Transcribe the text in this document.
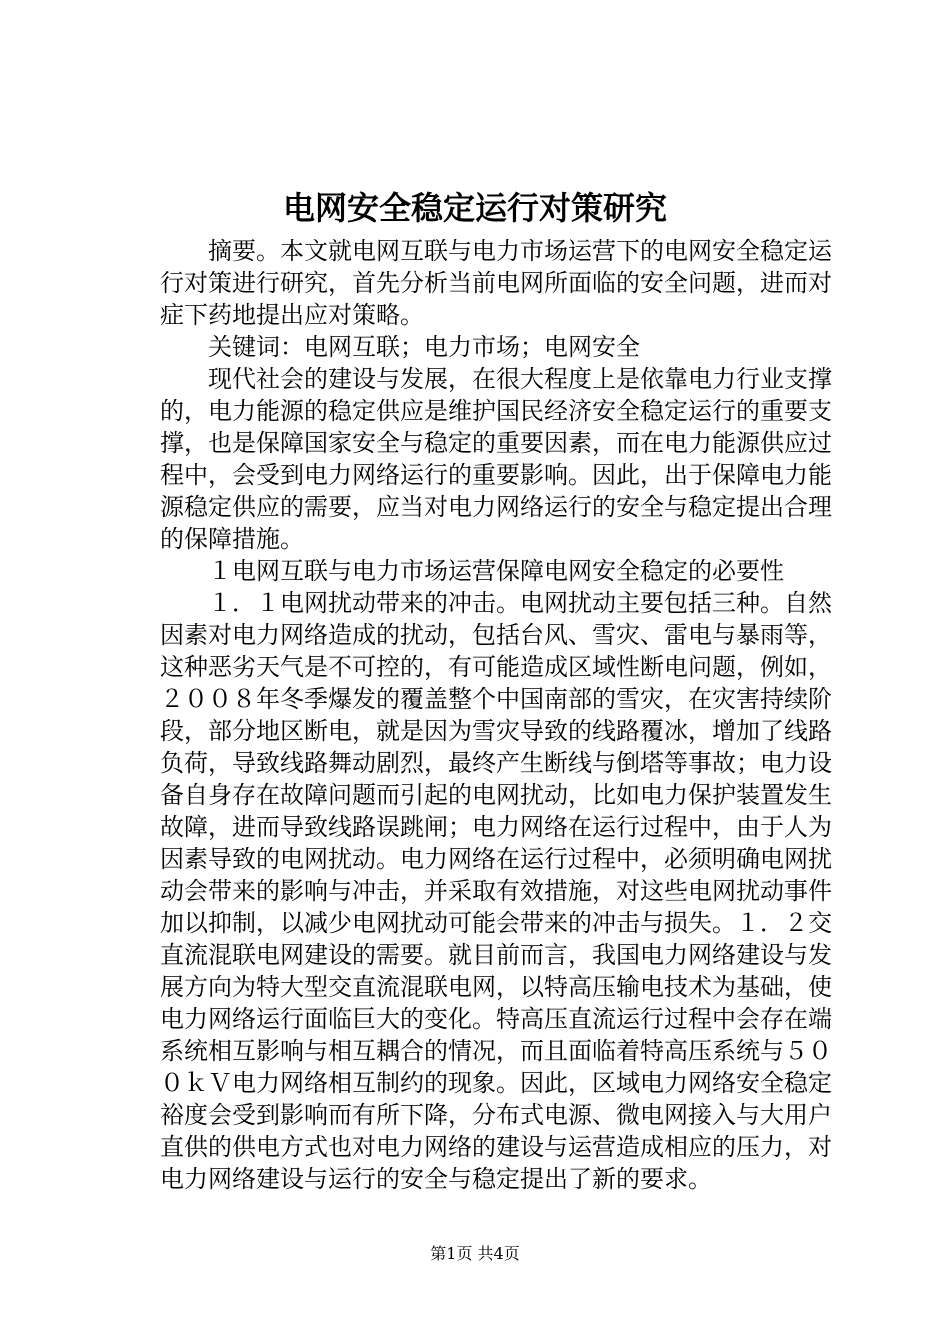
电网安全稳定运行对策研究

摘要。本文就电网互联与电力市场运营下的电网安全稳定运行对策进行研究，首先分析当前电网所面临的安全问题，进而对症下药地提出应对策略。

关键词：电网互联；电力市场；电网安全

现代社会的建设与发展，在很大程度上是依靠电力行业支撑的，电力能源的稳定供应是维护国民经济安全稳定运行的重要支撑，也是保障国家安全与稳定的重要因素，而在电力能源供应过程中，会受到电力网络运行的重要影响。因此，出于保障电力能源稳定供应的需要，应当对电力网络运行的安全与稳定提出合理的保障措施。

１电网互联与电力市场运营保障电网安全稳定的必要性

１．１电网扰动带来的冲击。电网扰动主要包括三种。自然因素对电力网络造成的扰动，包括台风、雪灾、雷电与暴雨等，这种恶劣天气是不可控的，有可能造成区域性断电问题，例如，２００８年冬季爆发的覆盖整个中国南部的雪灾，在灾害持续阶段，部分地区断电，就是因为雪灾导致的线路覆冰，增加了线路负荷，导致线路舞动剧烈，最终产生断线与倒塔等事故；电力设备自身存在故障问题而引起的电网扰动，比如电力保护装置发生故障，进而导致线路误跳闸；电力网络在运行过程中，由于人为因素导致的电网扰动。电力网络在运行过程中，必须明确电网扰动会带来的影响与冲击，并采取有效措施，对这些电网扰动事件加以抑制，以减少电网扰动可能会带来的冲击与损失。１．２交直流混联电网建设的需要。就目前而言，我国电力网络建设与发展方向为特大型交直流混联电网，以特高压输电技术为基础，使电力网络运行面临巨大的变化。特高压直流运行过程中会存在端系统相互影响与相互耦合的情况，而且面临着特高压系统与５００ｋＶ电力网络相互制约的现象。因此，区域电力网络安全稳定裕度会受到影响而有所下降，分布式电源、微电网接入与大用户直供的供电方式也对电力网络的建设与运营造成相应的压力，对电力网络建设与运行的安全与稳定提出了新的要求。

第1页 共4页
